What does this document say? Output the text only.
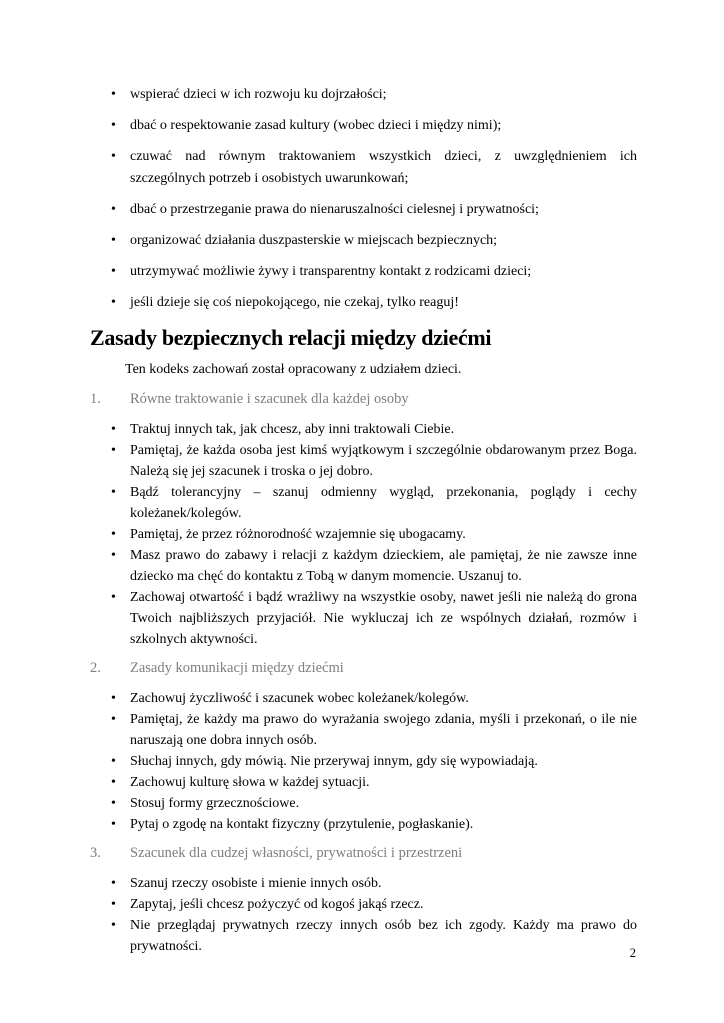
• wspierać dzieci w ich rozwoju ku dojrzałości;
• dbać o respektowanie zasad kultury (wobec dzieci i między nimi);
• czuwać nad równym traktowaniem wszystkich dzieci, z uwzględnieniem ich szczególnych potrzeb i osobistych uwarunkowań;
• dbać o przestrzeganie prawa do nienaruszalności cielesnej i prywatności;
• organizować działania duszpasterskie w miejscach bezpiecznych;
• utrzymywać możliwie żywy i transparentny kontakt z rodzicami dzieci;
• jeśli dzieje się coś niepokojącego, nie czekaj, tylko reaguj!
Zasady bezpiecznych relacji między dziećmi

Ten kodeks zachowań został opracowany z udziałem dzieci.

1. Równe traktowanie i szacunek dla każdej osoby
• Traktuj innych tak, jak chcesz, aby inni traktowali Ciebie.
• Pamiętaj, że każda osoba jest kimś wyjątkowym i szczególnie obdarowanym przez Boga. Należą się jej szacunek i troska o jej dobro.
• Bądź tolerancyjny – szanuj odmienny wygląd, przekonania, poglądy i cechy koleżanek/kolegów.
• Pamiętaj, że przez różnorodność wzajemnie się ubogacamy.
• Masz prawo do zabawy i relacji z każdym dzieckiem, ale pamiętaj, że nie zawsze inne dziecko ma chęć do kontaktu z Tobą w danym momencie. Uszanuj to.
• Zachowaj otwartość i bądź wrażliwy na wszystkie osoby, nawet jeśli nie należą do grona Twoich najbliższych przyjaciół. Nie wykluczaj ich ze wspólnych działań, rozmów i szkolnych aktywności.
2. Zasady komunikacji między dziećmi
• Zachowuj życzliwość i szacunek wobec koleżanek/kolegów.
• Pamiętaj, że każdy ma prawo do wyrażania swojego zdania, myśli i przekonań, o ile nie naruszają one dobra innych osób.
• Słuchaj innych, gdy mówią. Nie przerywaj innym, gdy się wypowiadają.
• Zachowuj kulturę słowa w każdej sytuacji.
• Stosuj formy grzecznościowe.
• Pytaj o zgodę na kontakt fizyczny (przytulenie, pogłaskanie).
3. Szacunek dla cudzej własności, prywatności i przestrzeni
• Szanuj rzeczy osobiste i mienie innych osób.
• Zapytaj, jeśli chcesz pożyczyć od kogoś jakąś rzecz.
• Nie przeglądaj prywatnych rzeczy innych osób bez ich zgody. Każdy ma prawo do prywatności.	2
